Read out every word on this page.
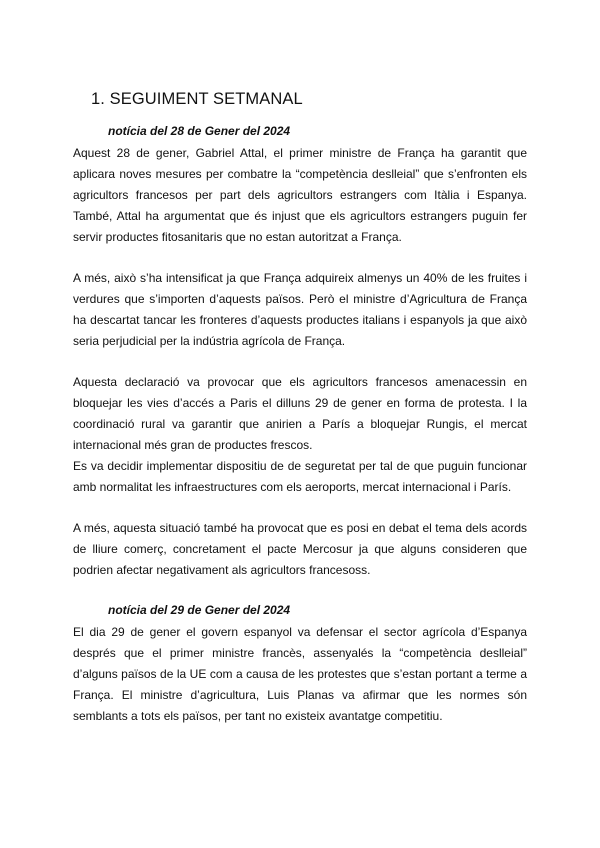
1. SEGUIMENT SETMANAL

notícia del 28 de Gener del 2024

Aquest 28 de gener, Gabriel Attal, el primer ministre de França ha garantit que aplicara noves mesures per combatre la “competència deslleial” que s’enfronten els agricultors francesos per part dels agricultors estrangers com Itàlia i Espanya. També, Attal ha argumentat que és injust que els agricultors estrangers puguin fer servir productes fitosanitaris que no estan autoritzat a França.

A més, això s’ha intensificat ja que França adquireix almenys un 40% de les fruites i verdures que s’importen d’aquests països. Però el ministre d’Agricultura de França ha descartat tancar les fronteres d’aquests productes italians i espanyols ja que això seria perjudicial per la indústria agrícola de França.

Aquesta declaració va provocar que els agricultors francesos amenacessin en bloquejar les vies d’accés a Paris el dilluns 29 de gener en forma de protesta. I la coordinació rural va garantir que anirien a París a bloquejar Rungis, el mercat internacional més gran de productes frescos.

Es va decidir implementar dispositiu de de seguretat per tal de que puguin funcionar amb normalitat les infraestructures com els aeroports, mercat internacional i París.

A més, aquesta situació també ha provocat que es posi en debat el tema dels acords de lliure comerç, concretament el pacte Mercosur ja que alguns consideren que podrien afectar negativament als agricultors francesoss.

notícia del 29 de Gener del 2024

El dia 29 de gener el govern espanyol va defensar el sector agrícola d’Espanya després que el primer ministre francès, assenyalés la “competència deslleial” d’alguns països de la UE com a causa de les protestes que s’estan portant a terme a França. El ministre d’agricultura, Luis Planas va afirmar que les normes són semblants a tots els països, per tant no existeix avantatge competitiu.
